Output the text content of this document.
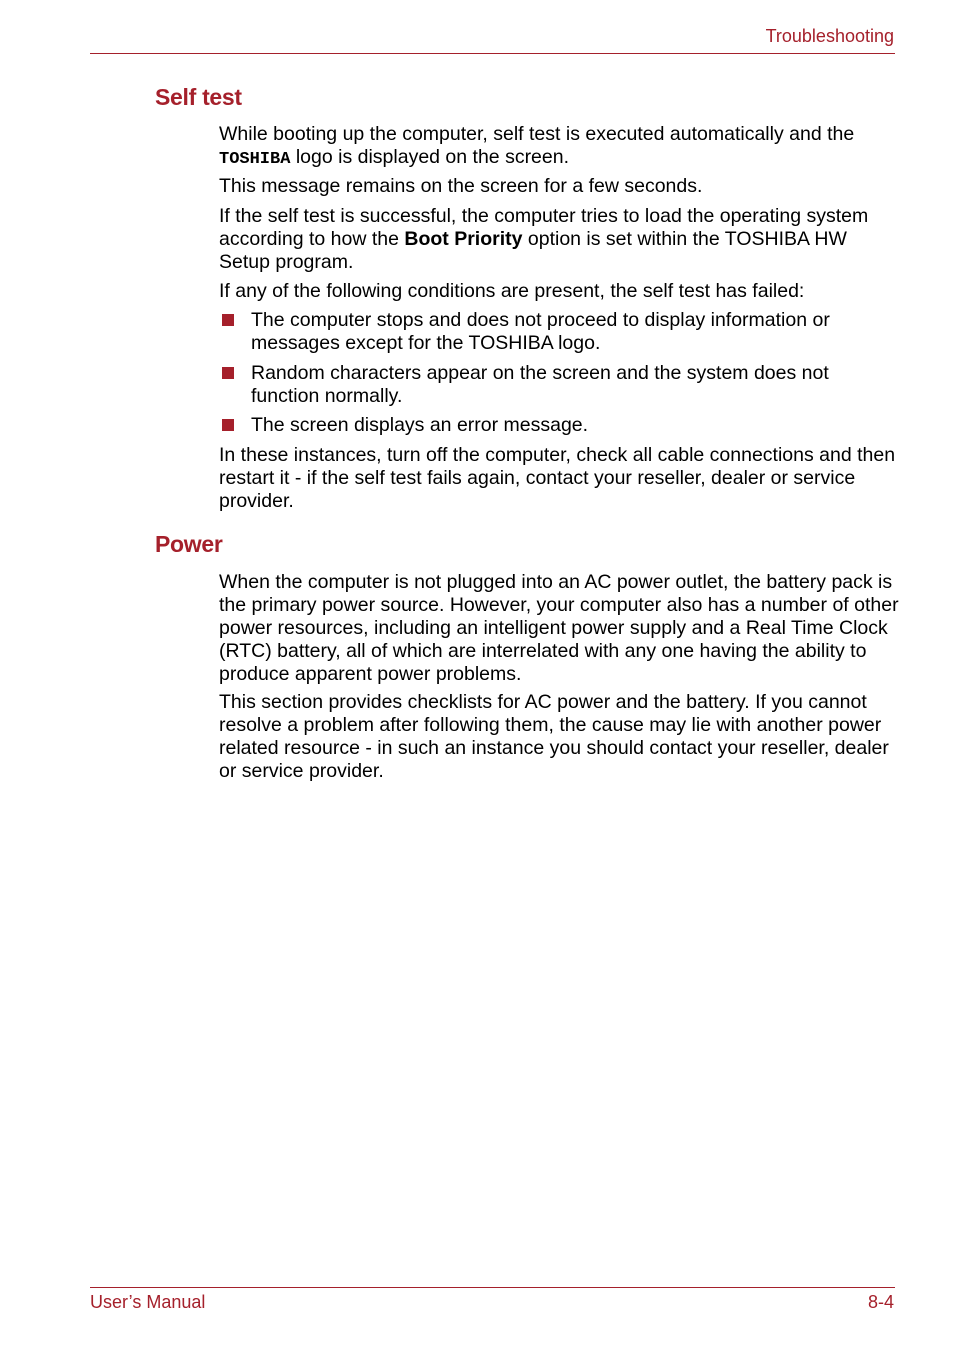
Troubleshooting
Self test

While booting up the computer, self test is executed automatically and the TOSHIBA logo is displayed on the screen.

This message remains on the screen for a few seconds.

If the self test is successful, the computer tries to load the operating system according to how the Boot Priority option is set within the TOSHIBA HW Setup program.

If any of the following conditions are present, the self test has failed:

The computer stops and does not proceed to display information or messages except for the TOSHIBA logo.
Random characters appear on the screen and the system does not function normally.
The screen displays an error message.

In these instances, turn off the computer, check all cable connections and then restart it - if the self test fails again, contact your reseller, dealer or service provider.

Power

When the computer is not plugged into an AC power outlet, the battery pack is the primary power source. However, your computer also has a number of other power resources, including an intelligent power supply and a Real Time Clock (RTC) battery, all of which are interrelated with any one having the ability to produce apparent power problems.

This section provides checklists for AC power and the battery. If you cannot resolve a problem after following them, the cause may lie with another power related resource - in such an instance you should contact your reseller, dealer or service provider.

User’s Manual	8-4
